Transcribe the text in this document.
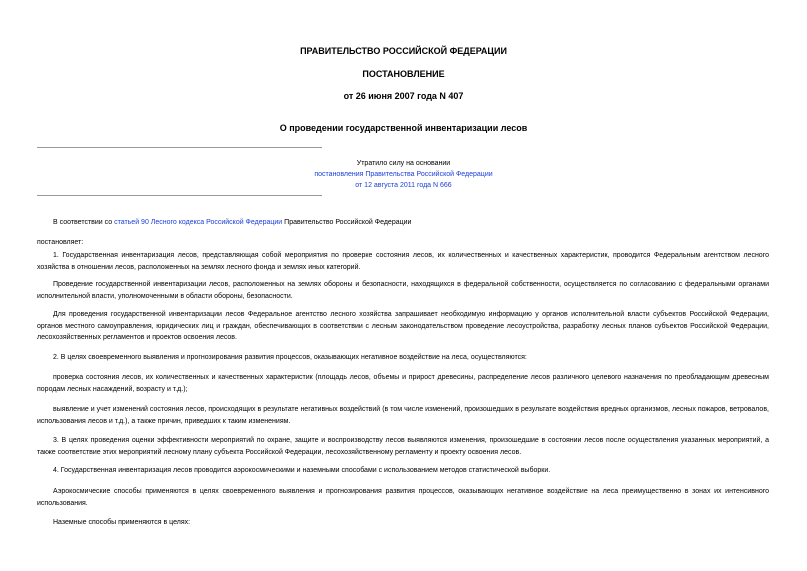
ПРАВИТЕЛЬСТВО РОССИЙСКОЙ ФЕДЕРАЦИИ
ПОСТАНОВЛЕНИЕ
от 26 июня 2007 года N 407
О проведении государственной инвентаризации лесов
Утратило силу на основании
постановления Правительства Российской Федерации
от 12 августа 2011 года N 666
В соответствии со статьей 90 Лесного кодекса Российской Федерации Правительство Российской Федерации
постановляет:
1. Государственная инвентаризация лесов, представляющая собой мероприятия по проверке состояния лесов, их количественных и качественных характеристик, проводится Федеральным агентством лесного хозяйства в отношении лесов, расположенных на землях лесного фонда и землях иных категорий.
Проведение государственной инвентаризации лесов, расположенных на землях обороны и безопасности, находящихся в федеральной собственности, осуществляется по согласованию с федеральными органами исполнительной власти, уполномоченными в области обороны, безопасности.
Для проведения государственной инвентаризации лесов Федеральное агентство лесного хозяйства запрашивает необходимую информацию у органов исполнительной власти субъектов Российской Федерации, органов местного самоуправления, юридических лиц и граждан, обеспечивающих в соответствии с лесным законодательством проведение лесоустройства, разработку лесных планов субъектов Российской Федерации, лесохозяйственных регламентов и проектов освоения лесов.
2. В целях своевременного выявления и прогнозирования развития процессов, оказывающих негативное воздействие на леса, осуществляются:
проверка состояния лесов, их количественных и качественных характеристик (площадь лесов, объемы и прирост древесины, распределение лесов различного целевого назначения по преобладающим древесным породам лесных насаждений, возрасту и т.д.);
выявление и учет изменений состояния лесов, происходящих в результате негативных воздействий (в том числе изменений, произошедших в результате воздействия вредных организмов, лесных пожаров, ветровалов, использования лесов и т.д.), а также причин, приведших к таким изменениям.
3. В целях проведения оценки эффективности мероприятий по охране, защите и воспроизводству лесов выявляются изменения, произошедшие в состоянии лесов после осуществления указанных мероприятий, а также соответствие этих мероприятий лесному плану субъекта Российской Федерации, лесохозяйственному регламенту и проекту освоения лесов.
4. Государственная инвентаризация лесов проводится аэрокосмическими и наземными способами с использованием методов статистической выборки.
Аэрокосмические способы применяются в целях своевременного выявления и прогнозирования развития процессов, оказывающих негативное воздействие на леса преимущественно в зонах их интенсивного использования.
Наземные способы применяются в целях:
